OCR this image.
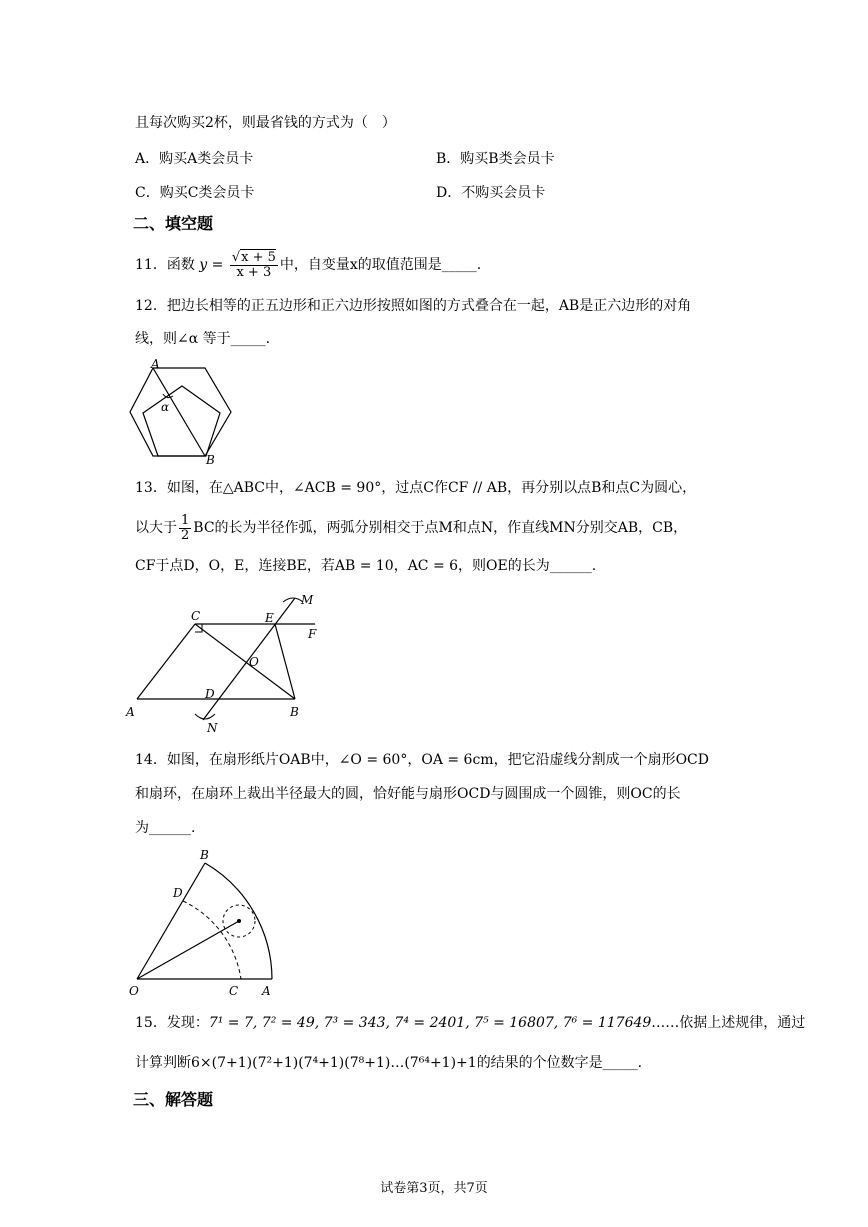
且每次购买2杯，则最省钱的方式为（　）
A．购买A类会员卡	B．购买B类会员卡
C．购买C类会员卡	D．不购买会员卡
二、填空题
11．函数 $y = \frac{√x + 5}{x + 3}$ 中，自变量x的取值范围是_____.
12．把边长相等的正五边形和正六边形按照如图的方式叠合在一起，AB是正六边形的对角
线，则∠α 等于_____.
A
B
α
13．如图，在△ABC中，∠ACB = 90°，过点C作CF // AB，再分别以点B和点C为圆心，
以大于 $\frac{1}{2}$ BC的长为半径作弧，两弧分别相交于点M和点N，作直线MN分别交AB，CB，
CF于点D，O，E，连接BE，若AB = 10，AC = 6，则OE的长为______.
A	B
C
D
E
F
M
N
O
14．如图，在扇形纸片OAB中，∠O = 60°，OA = 6cm，把它沿虚线分割成一个扇形OCD
和扇环，在扇环上裁出半径最大的圆，恰好能与扇形OCD与圆围成一个圆锥，则OC的长
为______.
B
D
O	C A
15．发现：7¹ = 7, 7² = 49, 7³ = 343, 7⁴ = 2401, 7⁵ = 16807, 7⁶ = 117649……依据上述规律，通过
计算判断6×(7+1)(7²+1)(7⁴+1)(7⁸+1)…(7⁶⁴+1)+1的结果的个位数字是_____.
三、解答题
试卷第3页，共7页
